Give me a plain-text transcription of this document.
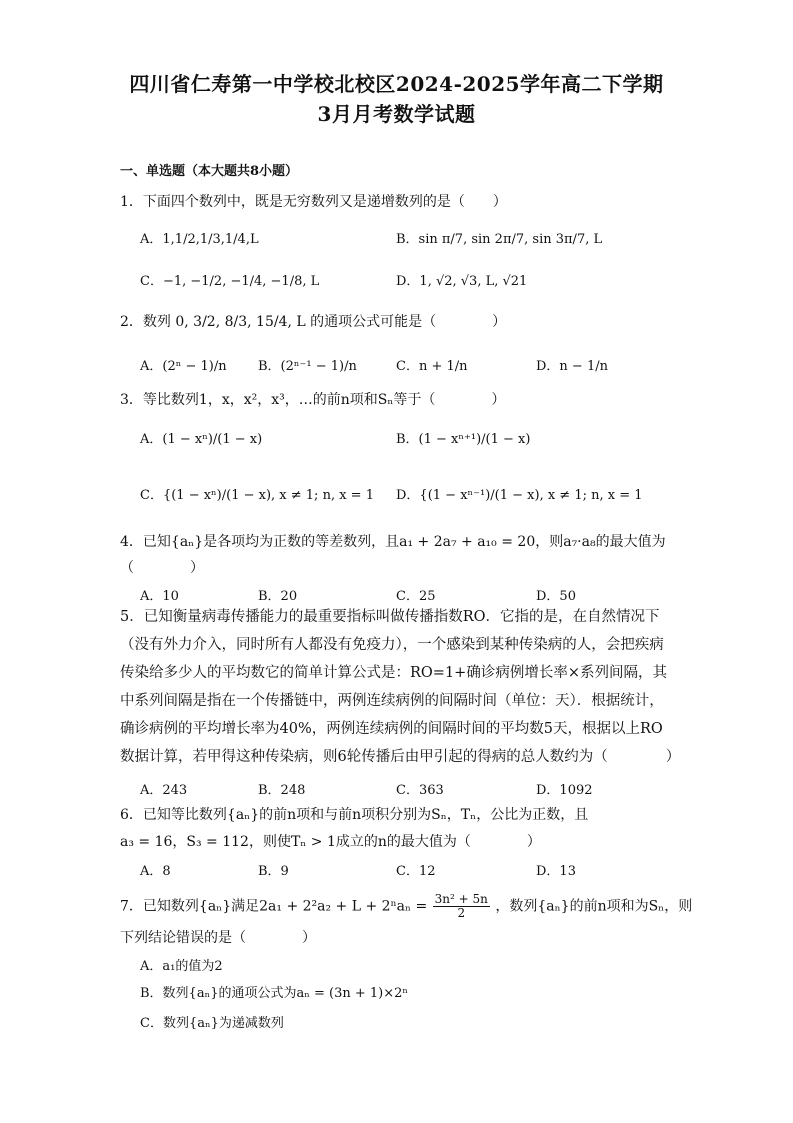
四川省仁寿第一中学校北校区2024-2025学年高二下学期
3月月考数学试题
一、单选题（本大题共8小题）
1．下面四个数列中，既是无穷数列又是递增数列的是（　　）
A．1,1/2,1/3,1/4,L	B．sin π/7, sin 2π/7, sin 3π/7, L
C．−1, −1/2, −1/4, −1/8, L	D．1, √2, √3, L, √21
2．数列 0, 3/2, 8/3, 15/4, L 的通项公式可能是（　　　　）
A．(2ⁿ − 1)/n B．(2ⁿ⁻¹ − 1)/n	C．n + 1/n	D．n − 1/n
3．等比数列1，x，x²，x³，…的前n项和Sₙ等于（　　　　）
A．(1 − xⁿ)/(1 − x)	B．(1 − xⁿ⁺¹)/(1 − x)
C．{(1 − xⁿ)/(1 − x), x ≠ 1; n, x = 1 D．{(1 − xⁿ⁻¹)/(1 − x), x ≠ 1; n, x = 1
4．已知{aₙ}是各项均为正数的等差数列，且a₁ + 2a₇ + a₁₀ = 20，则a₇·a₈的最大值为
（　　　　）
A．10	B．20	C．25	D．50
5．已知衡量病毒传播能力的最重要指标叫做传播指数RO．它指的是，在自然情况下（没有外力介入，同时所有人都没有免疫力），一个感染到某种传染病的人，会把疾病传染给多少人的平均数它的简单计算公式是：RO=1+确诊病例增长率×系列间隔，其中系列间隔是指在一个传播链中，两例连续病例的间隔时间（单位：天）．根据统计，确诊病例的平均增长率为40%，两例连续病例的间隔时间的平均数5天，根据以上RO数据计算，若甲得这种传染病，则6轮传播后由甲引起的得病的总人数约为（　　　　）
A．243	B．248	C．363	D．1092
6．已知等比数列{aₙ}的前n项和与前n项积分别为Sₙ，Tₙ，公比为正数，且
a₃ = 16，S₃ = 112，则使Tₙ > 1成立的n的最大值为（　　　　）
A．8	B．9	C．12	D．13
7．已知数列{aₙ}满足$2a_1 + 2^2a_2 + L + 2^na_n = \frac{\text{3n² + 5n}}{2}$ ，数列{aₙ}的前n项和为Sₙ，则
下列结论错误的是（　　　　）
A．a₁的值为2
B．数列{aₙ}的通项公式为aₙ = (3n + 1)×2ⁿ
C．数列{aₙ}为递减数列
